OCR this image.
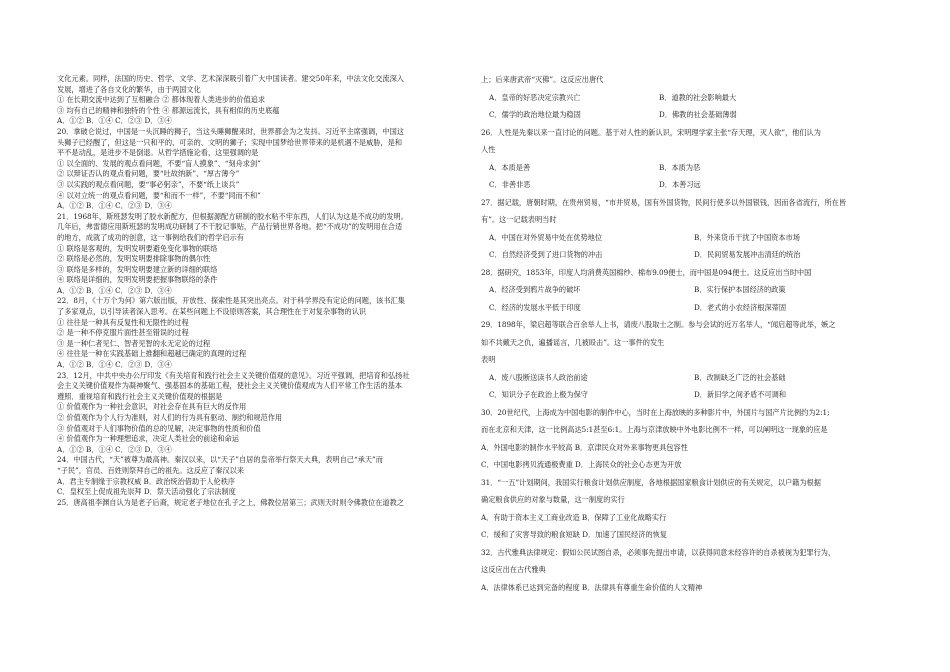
文化元素。同样，法国的历史、哲学、文学、艺术深深吸引着广大中国读者。建交50年来，中法文化交流深入
发展，增进了各自文化的繁华，由于两国文化
① 在长期交流中达到了互相融合 ② 都体现着人类进步的价值追求
③ 均有自己的精神和独特的个性 ④ 都源远流长，具有相似的历史底蕴
A．①② B．①④ C．②③ D．③④
20．拿破仑说过，中国是一头沉睡的狮子，当这头睡狮醒来时，世界都会为之发抖。习近平主席强调，中国这
头狮子已经醒了，但这是一只和平的、可亲的、文明的狮子；实现中国梦给世界带来的是机遇不是威胁，是和
平不是动乱，是进步不是倒退。从哲学措施论看，这里强调的是
① 以全面的、发展的观点看问题，不要“盲人摸象”、“刻舟求剑”
② 以辩证否认的观点看问题，要“吐故纳新”、“厚古薄今”
③ 以实践的观点看问题，要“事必躬亲”，不要“纸上谈兵”
④ 以对立统一的观点看问题，要“和而不一样”，不要“同而不和”
A．①② B．①④ C．②③ D．③④
21．1968年，斯班瑟发明了胶水新配方，但根据源配方研制的胶水粘不牢东西，人们认为这是不成功的发明。
几年后，弗雷德应用斯班瑟的发明成功研制了不干胶记事贴，产品行销世界各地。把“不成功”的发明用在合适
的地方，成就了成功的创意，这一事例给我们的哲学启示有
① 联络是客观的，发明发明要避免变化事物的联络
② 联络是必然的，发明发明要排除事物的偶尔性
③ 联络是多样的，发明发明要建立新的详细的联络
④ 联络是详细的，发明发明要把握事物联络的条件
A．①② B．①④ C．②③ D．③④
22．8月，《十万个为何》第六版出版，开放性、探索性是其突出亮点。对于科学界没有定论的问题，该书汇集
了多家观点，以引导读者深入思考。在某些问题上不设原则答案，其合理性在于对复杂事物的认识
① 往往是一种具有反复性和无限性的过程
② 是一种不停克服片面性甚至错误的过程
③ 是一种仁者见仁、智者见智的永无定论的过程
④ 往往是一种在实践基础上推翻和超越已确定的真理的过程
A．①② B．①④ C．②③ D．③④
23．12月，中共中央办公厅印发《有关培育和践行社会主义关键价值观的意见》。习近平强调，把培育和弘扬社
会主义关键价值观作为凝神聚气、强基固本的基础工程，使社会主义关键价值观成为人们平常工作生活的基本
遵照．重视培育和践行社会主义关键价值观的根据是
① 价值观作为一种社会意识，对社会存在具有巨大的反作用
② 价值观作为个人行为准则，对人们的行为具有驱动、制约和规范作用
③ 价值观对于人们事物价值的总的见解，决定事物的性质和价值
④ 价值观作为一种理想追求，决定人类社会的前途和命运
A．①② B．①④ C．②③ D．③④
24．中国古代，“天”被尊为最高神。秦汉以来，以“天子”自居的皇帝举行祭天大典，表明自己“承天”而
“子民”，官员、百姓则祭拜自己的祖先。这反应了秦汉以来
A．君主专制缘于宗教权威 B．政治统治借助于人伦秩序
C．皇权至上促成祖先崇拜 D．祭天活动强化了宗法制度
25．唐高祖李渊自认为是老子后裔，规定老子地位在孔子之上，佛教位居第三；武则天时则令佛教位在道教之
上；后来唐武帝“灭佛”。这反应出唐代
A．皇帝的好恶决定宗教兴亡	B．道教的社会影响最大
C．儒学的政治地位最为稳固	D．佛教的社会基础薄弱
26．人性是先秦以来一直讨论的问题。基于对人性的新认识，宋明理学家主张“存天理，灭人欲”，他们认为
人性
A．本质是善	B．本质为恶
C．非善非恶	D．本善习远
27．据记载，唐朝时期，在贵州贸易，“市井贸易，国有外国货物，民间行使多以外国银钱，因而各省流行，所在皆
有”。这一记载表明当时
A．中国在对外贸易中处在优势地位	B．外来货币干扰了中国资本市场
C．自然经济受到了进口货物的冲击	D．民间贸易发展冲击清廷的统治
28．据研究，1853年，印度人均消费英国棉纱、棉布9.09便士，而中国是094便士。这反应出当时中国
A．经济受到鸦片战争的破坏	B．实行保护本国经济的政策
C．经济的发展水平低于印度	D．老式的小农经济根深蒂固
29．1898年，梁启超等联合百余举人上书，请废八股取士之制。参与会试的近万名举人，“闻启超等此举，嫉之
如不共戴天之仇，遍播谣言，几被殴击”。这一事件的发生
表明
A．废八股断送读书人政治前途	B．改制缺乏广泛的社会基础
C．知识分子在政治上极为保守	D．新旧学之间矛盾不可调和
30．20世纪代，上海成为中国电影的制作中心，当时在上海放映的多种影片中，外国片与国产片比例约为2:1;
而在北京和天津，这一比例高达5:1甚至6:1。上海与京津放映中外电影比例不一样，可以阐明这一现象的应是
A．外国电影的制作水平较高 B．京津民众对外来事物更具包容性
C．中国电影拷贝流通极费重 D．上海民众的社会心态更为开放
31．“一五”计划期间，我国实行粮食计划供应制度，各地根据国家粮食计划供应的有关规定，以户籍为根据
确定粮食供应的对象与数量，这一制度的实行
A．有助于资本主义工商业改造 B．保障了工业化战略实行
C．缓和了灾害导致的粮食短缺 D．加速了国民经济的恢复
32．古代雅典法律规定：假如公民试图自杀，必须事先提出申请，以获得同意未经容许的自杀被视为犯罪行为，
这反应出在古代雅典
A．法律体系已达到完备的程度 B．法律具有尊重生命价值的人文精神
